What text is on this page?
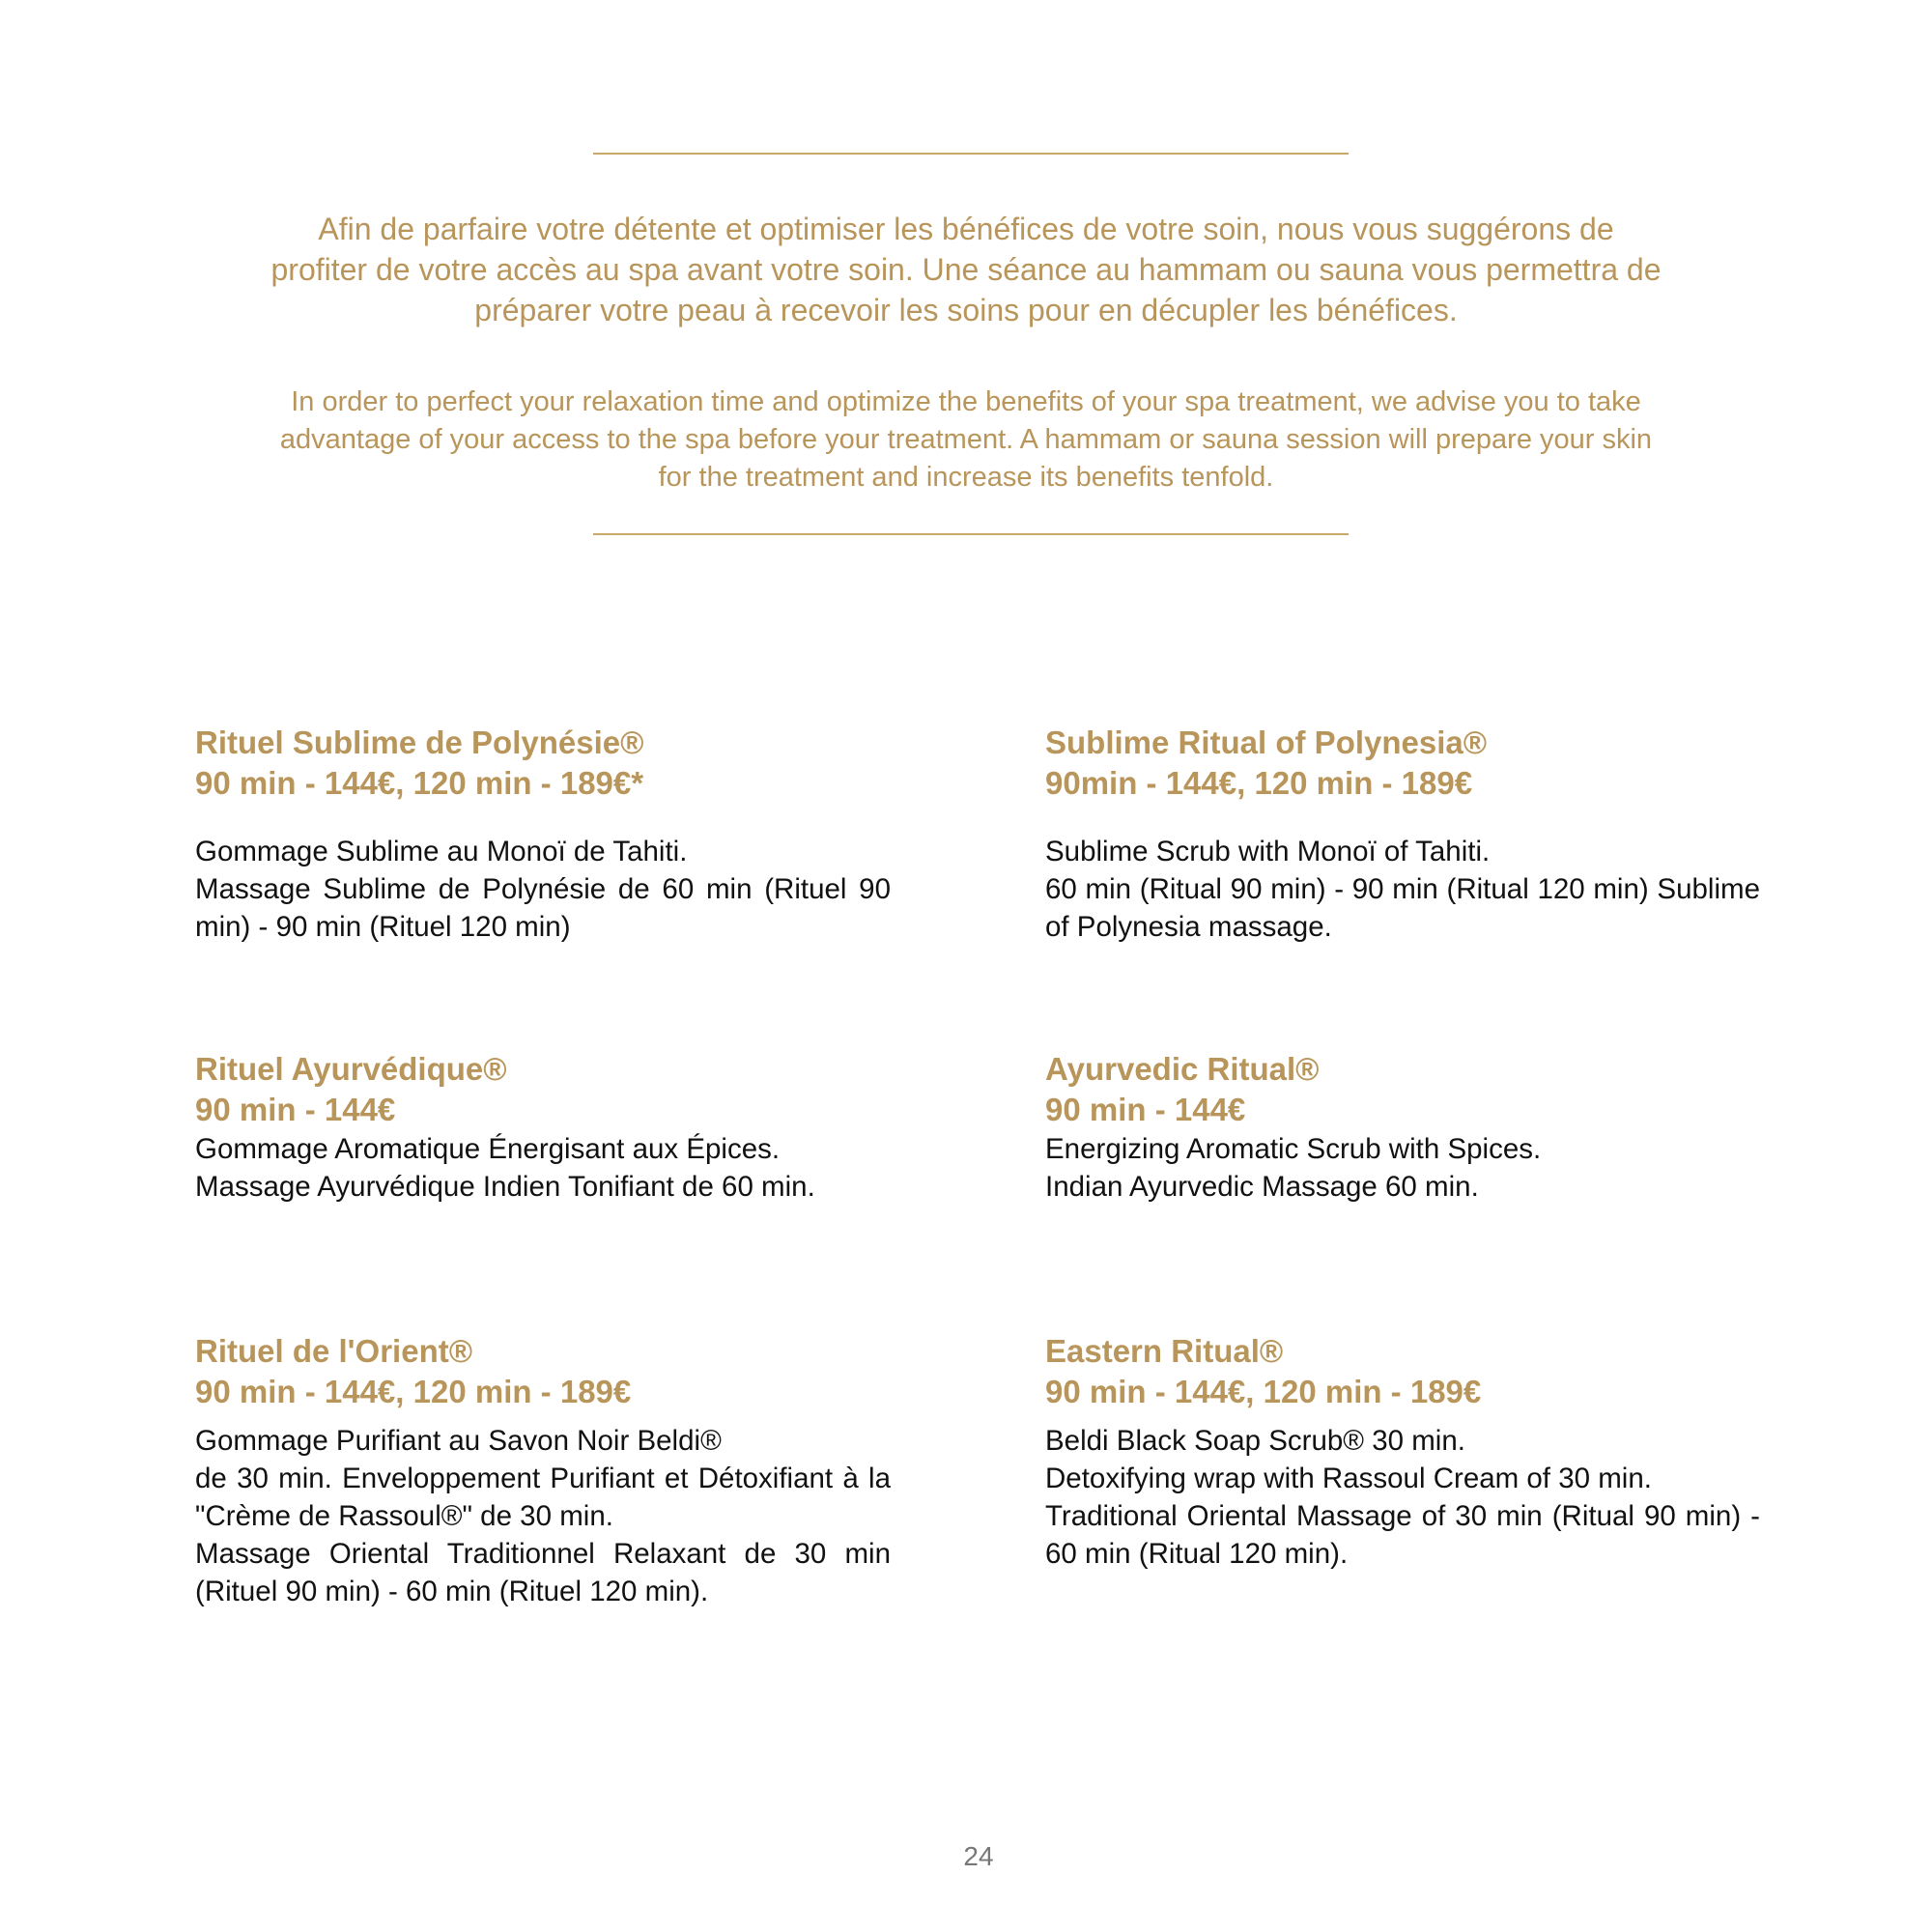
Afin de parfaire votre détente et optimiser les bénéfices de votre soin, nous vous suggérons de profiter de votre accès au spa avant votre soin. Une séance au hammam ou sauna vous permettra de préparer votre peau à recevoir les soins pour en décupler les bénéfices.

In order to perfect your relaxation time and optimize the benefits of your spa treatment, we advise you to take advantage of your access to the spa before your treatment. A hammam or sauna session will prepare your skin for the treatment and increase its benefits tenfold.

Rituel Sublime de Polynésie®

90 min - 144€, 120 min - 189€*

Gommage Sublime au Monoï de Tahiti.

Massage Sublime de Polynésie de 60 min (Rituel 90 min) - 90 min (Rituel 120 min)

Sublime Ritual of Polynesia®

90min - 144€, 120 min - 189€

Sublime Scrub with Monoï of Tahiti.

60 min (Ritual 90 min) - 90 min (Ritual 120 min) Sublime of Polynesia massage.

Rituel Ayurvédique®

90 min - 144€

Gommage Aromatique Énergisant aux Épices.

Massage Ayurvédique Indien Tonifiant de 60 min.

Ayurvedic Ritual®

90 min - 144€

Energizing Aromatic Scrub with Spices.

Indian Ayurvedic Massage 60 min.

Rituel de l'Orient®

90 min - 144€, 120 min - 189€

Gommage Purifiant au Savon Noir Beldi®

de 30 min. Enveloppement Purifiant et Détoxifiant à la "Crème de Rassoul®" de 30 min.

Massage Oriental Traditionnel Relaxant de 30 min (Rituel 90 min) - 60 min (Rituel 120 min).

Eastern Ritual®

90 min - 144€, 120 min - 189€

Beldi Black Soap Scrub® 30 min.

Detoxifying wrap with Rassoul Cream of 30 min.

Traditional Oriental Massage of 30 min (Ritual 90 min) - 60 min (Ritual 120 min).

24
